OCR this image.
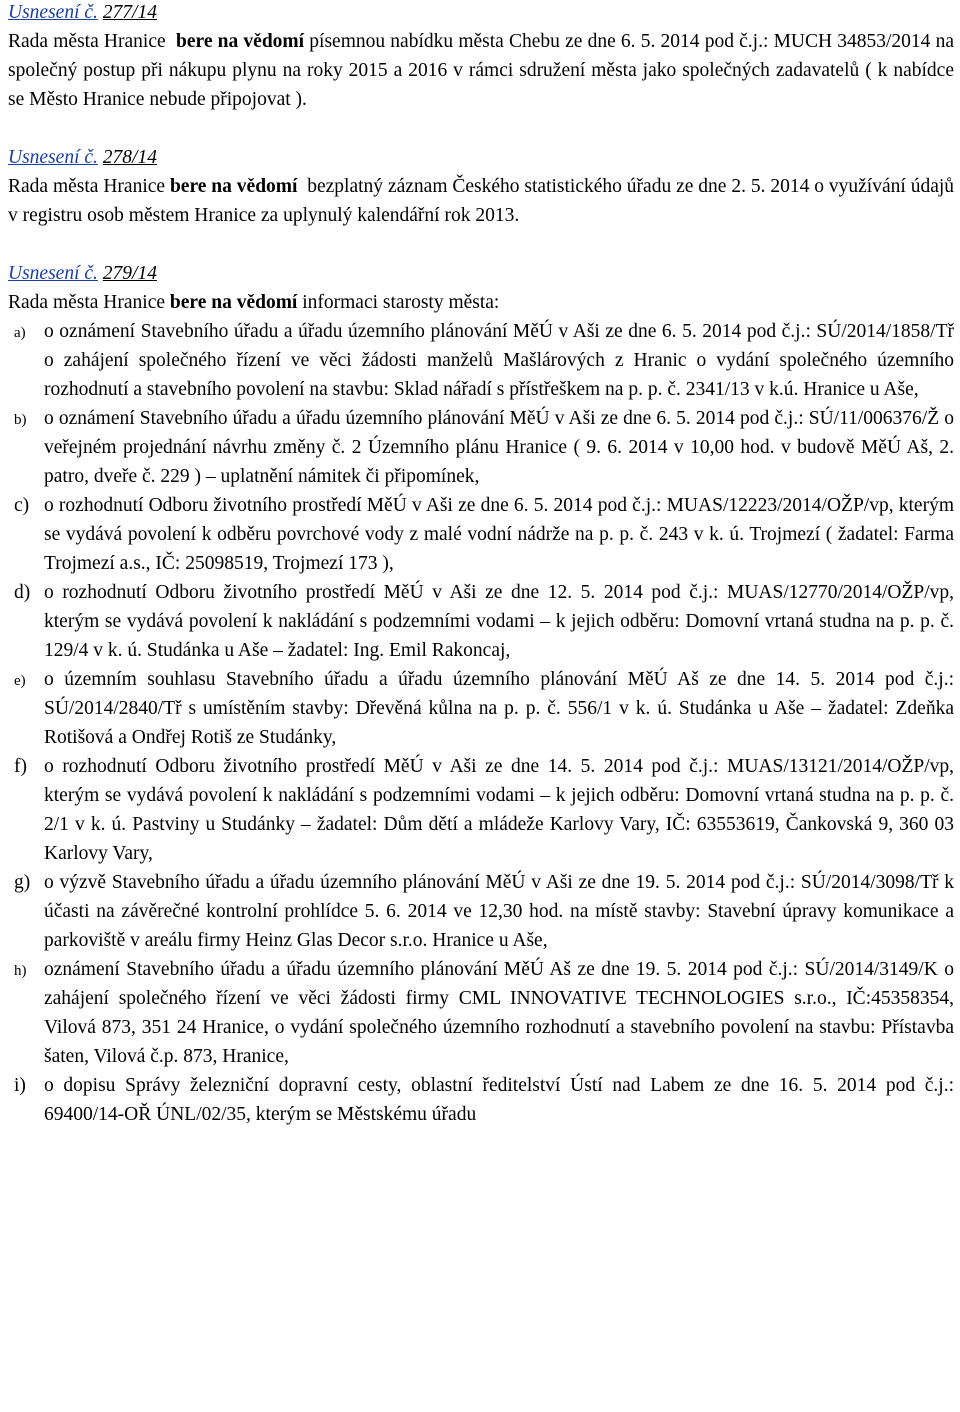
Usnesení č. 277/14

Rada města Hranice bere na vědomí písemnou nabídku města Chebu ze dne 6. 5. 2014 pod č.j.: MUCH 34853/2014 na společný postup při nákupu plynu na roky 2015 a 2016 v rámci sdružení města jako společných zadavatelů ( k nabídce se Město Hranice nebude připojovat ).

Usnesení č. 278/14

Rada města Hranice bere na vědomí bezplatný záznam Českého statistického úřadu ze dne 2. 5. 2014 o využívání údajů v registru osob městem Hranice za uplynulý kalendářní rok 2013.

Usnesení č. 279/14

Rada města Hranice bere na vědomí informaci starosty města:

a) o oznámení Stavebního úřadu a úřadu územního plánování MěÚ v Aši ze dne 6. 5. 2014 pod č.j.: SÚ/2014/1858/Tř o zahájení společného řízení ve věci žádosti manželů Mašlárových z Hranic o vydání společného územního rozhodnutí a stavebního povolení na stavbu: Sklad nářadí s přístřeškem na p. p. č. 2341/13 v k.ú. Hranice u Aše,
b) o oznámení Stavebního úřadu a úřadu územního plánování MěÚ v Aši ze dne 6. 5. 2014 pod č.j.: SÚ/11/006376/Ž o veřejném projednání návrhu změny č. 2 Územního plánu Hranice ( 9. 6. 2014 v 10,00 hod. v budově MěÚ Aš, 2. patro, dveře č. 229 ) – uplatnění námitek či připomínek,
c) o rozhodnutí Odboru životního prostředí MěÚ v Aši ze dne 6. 5. 2014 pod č.j.: MUAS/12223/2014/OŽP/vp, kterým se vydává povolení k odběru povrchové vody z malé vodní nádrže na p. p. č. 243 v k. ú. Trojmezí ( žadatel: Farma Trojmezí a.s., IČ: 25098519, Trojmezí 173 ),
d) o rozhodnutí Odboru životního prostředí MěÚ v Aši ze dne 12. 5. 2014 pod č.j.: MUAS/12770/2014/OŽP/vp, kterým se vydává povolení k nakládání s podzemními vodami – k jejich odběru: Domovní vrtaná studna na p. p. č. 129/4 v k. ú. Studánka u Aše – žadatel: Ing. Emil Rakoncaj,
e) o územním souhlasu Stavebního úřadu a úřadu územního plánování MěÚ Aš ze dne 14. 5. 2014 pod č.j.: SÚ/2014/2840/Tř s umístěním stavby: Dřevěná kůlna na p. p. č. 556/1 v k. ú. Studánka u Aše – žadatel: Zdeňka Rotišová a Ondřej Rotiš ze Studánky,
f) o rozhodnutí Odboru životního prostředí MěÚ v Aši ze dne 14. 5. 2014 pod č.j.: MUAS/13121/2014/OŽP/vp, kterým se vydává povolení k nakládání s podzemními vodami – k jejich odběru: Domovní vrtaná studna na p. p. č. 2/1 v k. ú. Pastviny u Studánky – žadatel: Dům dětí a mládeže Karlovy Vary, IČ: 63553619, Čankovská 9, 360 03 Karlovy Vary,
g) o výzvě Stavebního úřadu a úřadu územního plánování MěÚ v Aši ze dne 19. 5. 2014 pod č.j.: SÚ/2014/3098/Tř k účasti na závěrečné kontrolní prohlídce 5. 6. 2014 ve 12,30 hod. na místě stavby: Stavební úpravy komunikace a parkoviště v areálu firmy Heinz Glas Decor s.r.o. Hranice u Aše,
h) oznámení Stavebního úřadu a úřadu územního plánování MěÚ Aš ze dne 19. 5. 2014 pod č.j.: SÚ/2014/3149/K o zahájení společného řízení ve věci žádosti firmy CML INNOVATIVE TECHNOLOGIES s.r.o., IČ:45358354, Vilová 873, 351 24 Hranice, o vydání společného územního rozhodnutí a stavebního povolení na stavbu: Přístavba šaten, Vilová č.p. 873, Hranice,
i) o dopisu Správy železniční dopravní cesty, oblastní ředitelství Ústí nad Labem ze dne 16. 5. 2014 pod č.j.: 69400/14-OŘ ÚNL/02/35, kterým se Městskému úřadu
